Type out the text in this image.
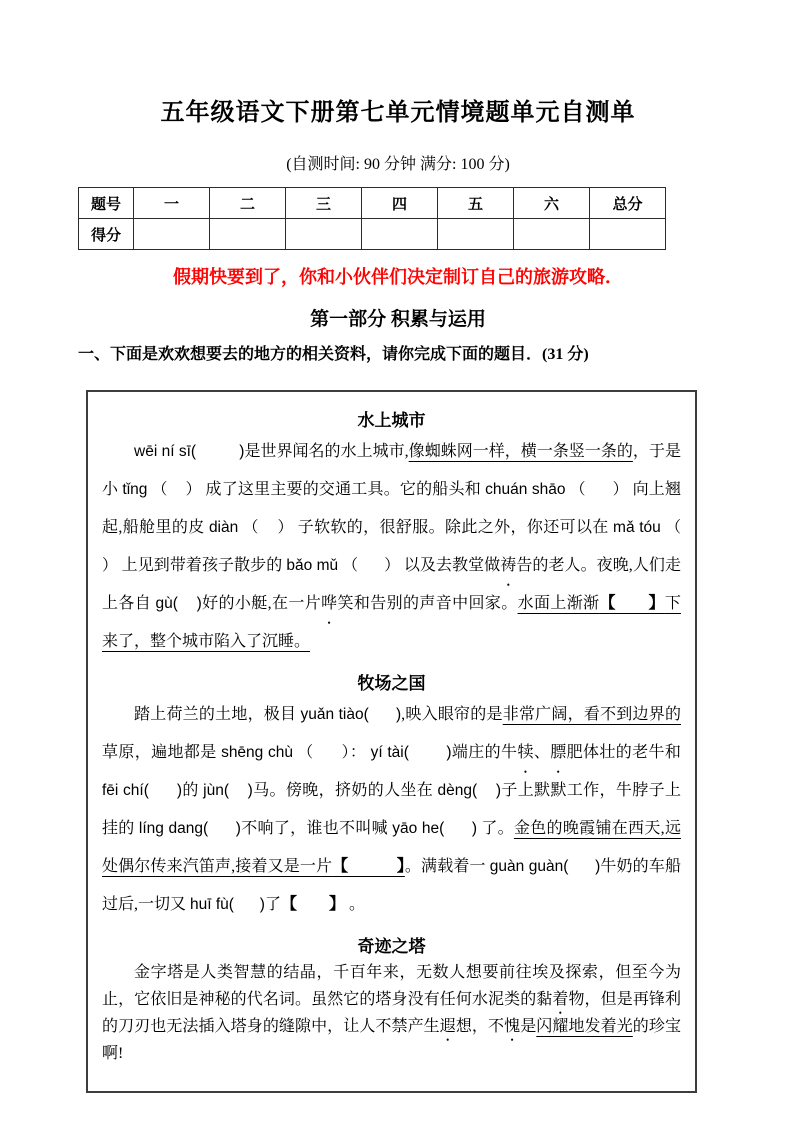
五年级语文下册第七单元情境题单元自测单
(自测时间: 90 分钟 满分: 100 分)
题号	一	二	三	四	五	六	总分
得分							

假期快要到了，你和小伙伴们决定制订自己的旅游攻略．

第一部分 积累与运用

一、下面是欢欢想要去的地方的相关资料，请你完成下面的题目．(31 分)

水上城市

wēi ní sī(          )是世界闻名的水上城市,像蜘蛛网一样，横一条竖一条的，于是小 tǐng （    ） 成了这里主要的交通工具。它的船头和 chuán shāo （      ） 向上翘起,船舱里的皮 diàn （    ） 子软软的，很舒服。除此之外，你还可以在 mǎ tóu （        ） 上见到带着孩子散步的 bǎo mǔ （      ） 以及去教堂做祷告的老人。夜晚,人们走上各自 gù(    )好的小艇,在一片哗笑和告别的声音中回家。水面上渐渐【　　】下来了，整个城市陷入了沉睡。

牧场之国

踏上荷兰的土地，极目 yuǎn tiào(      ),映入眼帘的是非常广阔，看不到边界的草原，遍地都是 shēng chù （      ）： yí tài(        )端庄的牛犊、膘肥体壮的老牛和 fēi chí(      )的 jùn(    )马。傍晚，挤奶的人坐在 dèng(    )子上默默工作，牛脖子上挂的 líng dang(      )不响了，谁也不叫喊 yāo he(      ) 了。金色的晚霞铺在西天,远处偶尔传来汽笛声,接着又是一片【　　　】。满载着一 guàn guàn(      )牛奶的车船过后,一切又 huī fù(      )了【　　】 。

奇迹之塔

金字塔是人类智慧的结晶，千百年来，无数人想要前往埃及探索，但至今为止，它依旧是神秘的代名词。虽然它的塔身没有任何水泥类的黏着物，但是再锋利的刀刃也无法插入塔身的缝隙中，让人不禁产生遐想，不愧是闪耀地发着光的珍宝啊!
